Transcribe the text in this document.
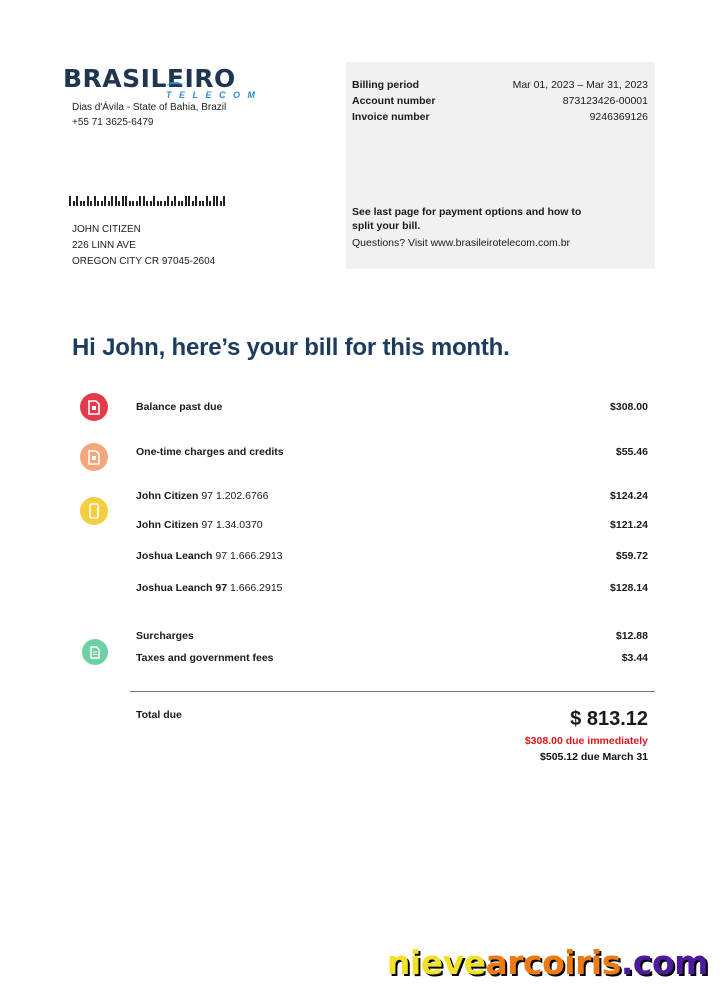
BRASILEIRO
TELECOM
Dias d'Ávila - State of Bahia, Brazil
+55 71 3625-6479
JOHN CITIZEN
226 LINN AVE
OREGON CITY CR 97045-2604
Billing period	Mar 01, 2023 – Mar 31, 2023
Account number	873123426-00001
Invoice number	9246369126
See last page for payment options and how to split your bill.
Questions? Visit www.brasileirotelecom.com.br
Hi John, here’s your bill for this month.
Balance past due	$308.00
One-time charges and credits	$55.46
John Citizen 97 1.202.6766	$124.24
John Citizen 97 1.34.0370	$121.24
Joshua Leanch 97 1.666.2913	$59.72
Joshua Leanch 97 1.666.2915	$128.14
Surcharges	$12.88
Taxes and government fees	$3.44
Total due	$ 813.12
$308.00 due immediately
$505.12 due March 31
nievearcoiris.com
